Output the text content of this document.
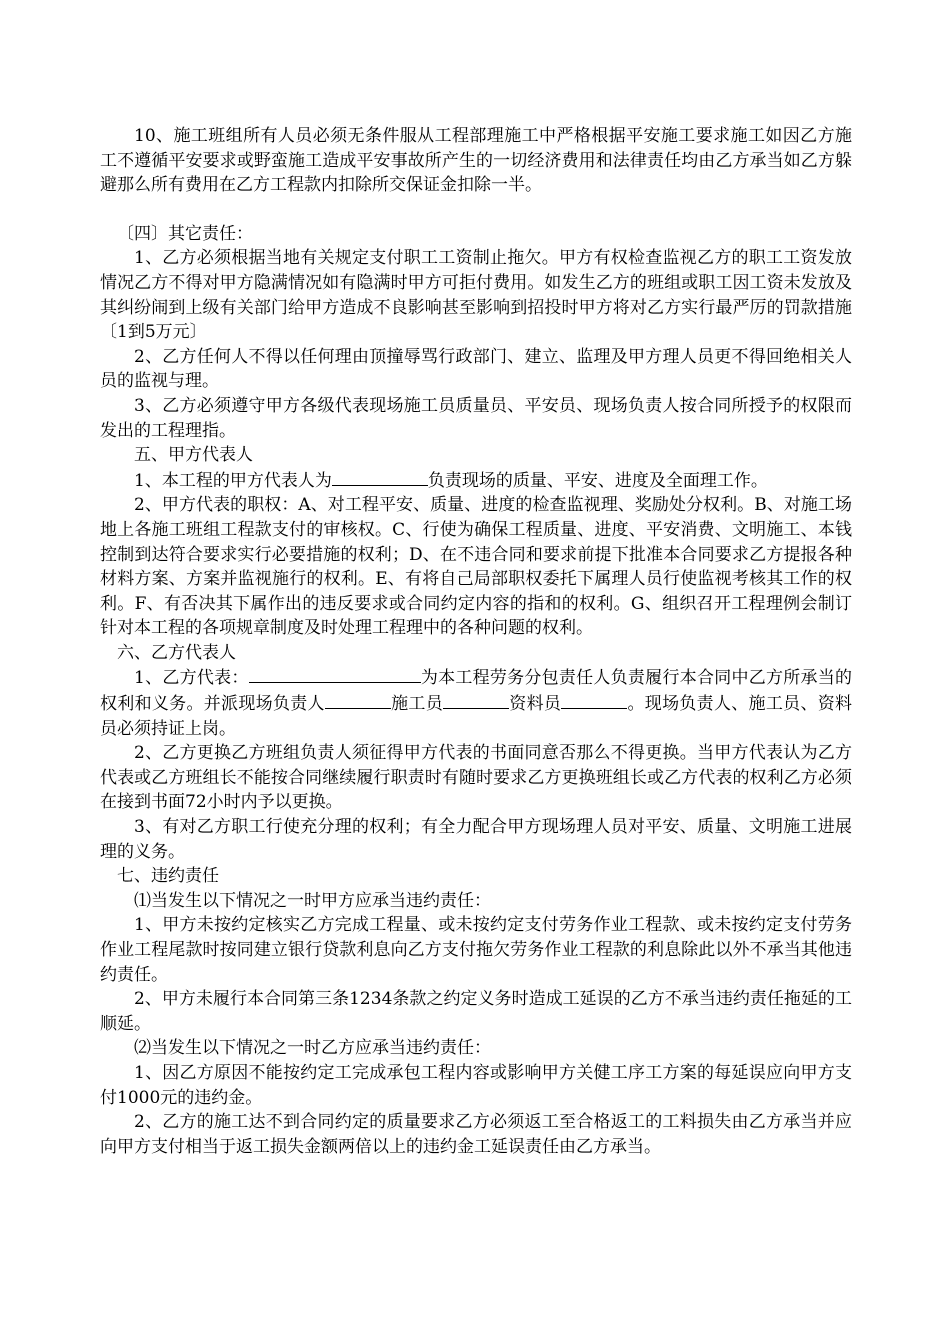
10、施工班组所有人员必须无条件服从工程部理施工中严格根据平安施工要求施工如因乙方施工不遵循平安要求或野蛮施工造成平安事故所产生的一切经济费用和法律责任均由乙方承当如乙方躲避那么所有费用在乙方工程款内扣除所交保证金扣除一半。

〔四〕其它责任：

1、乙方必须根据当地有关规定支付职工工资制止拖欠。甲方有权检查监视乙方的职工工资发放情况乙方不得对甲方隐满情况如有隐满时甲方可拒付费用。如发生乙方的班组或职工因工资未发放及其纠纷闹到上级有关部门给甲方造成不良影响甚至影响到招投时甲方将对乙方实行最严厉的罚款措施〔1到5万元〕

2、乙方任何人不得以任何理由顶撞辱骂行政部门、建立、监理及甲方理人员更不得回绝相关人员的监视与理。

3、乙方必须遵守甲方各级代表现场施工员质量员、平安员、现场负责人按合同所授予的权限而发出的工程理指。

五、甲方代表人

1、本工程的甲方代表人为	负责现场的质量、平安、进度及全面理工作。

2、甲方代表的职权：A、对工程平安、质量、进度的检查监视理、奖励处分权利。B、对施工场地上各施工班组工程款支付的审核权。C、行使为确保工程质量、进度、平安消费、文明施工、本钱控制到达符合要求实行必要措施的权利；D、在不违合同和要求前提下批准本合同要求乙方提报各种材料方案、方案并监视施行的权利。E、有将自己局部职权委托下属理人员行使监视考核其工作的权利。F、有否决其下属作出的违反要求或合同约定内容的指和的权利。G、组织召开工程理例会制订针对本工程的各项规章制度及时处理工程理中的各种问题的权利。

六、乙方代表人

1、乙方代表：	为本工程劳务分包责任人负责履行本合同中乙方所承当的权利和义务。并派现场负责人	施工员	资料员	。现场负责人、施工员、资料员必须持证上岗。

2、乙方更换乙方班组负责人须征得甲方代表的书面同意否那么不得更换。当甲方代表认为乙方代表或乙方班组长不能按合同继续履行职责时有随时要求乙方更换班组长或乙方代表的权利乙方必须在接到书面72小时内予以更换。

3、有对乙方职工行使充分理的权利；有全力配合甲方现场理人员对平安、质量、文明施工进展理的义务。

七、违约责任

⑴当发生以下情况之一时甲方应承当违约责任：

1、甲方未按约定核实乙方完成工程量、或未按约定支付劳务作业工程款、或未按约定支付劳务作业工程尾款时按同建立银行贷款利息向乙方支付拖欠劳务作业工程款的利息除此以外不承当其他违约责任。

2、甲方未履行本合同第三条1234条款之约定义务时造成工延误的乙方不承当违约责任拖延的工顺延。

⑵当发生以下情况之一时乙方应承当违约责任：

1、因乙方原因不能按约定工完成承包工程内容或影响甲方关健工序工方案的每延误应向甲方支付1000元的违约金。

2、乙方的施工达不到合同约定的质量要求乙方必须返工至合格返工的工料损失由乙方承当并应向甲方支付相当于返工损失金额两倍以上的违约金工延误责任由乙方承当。
